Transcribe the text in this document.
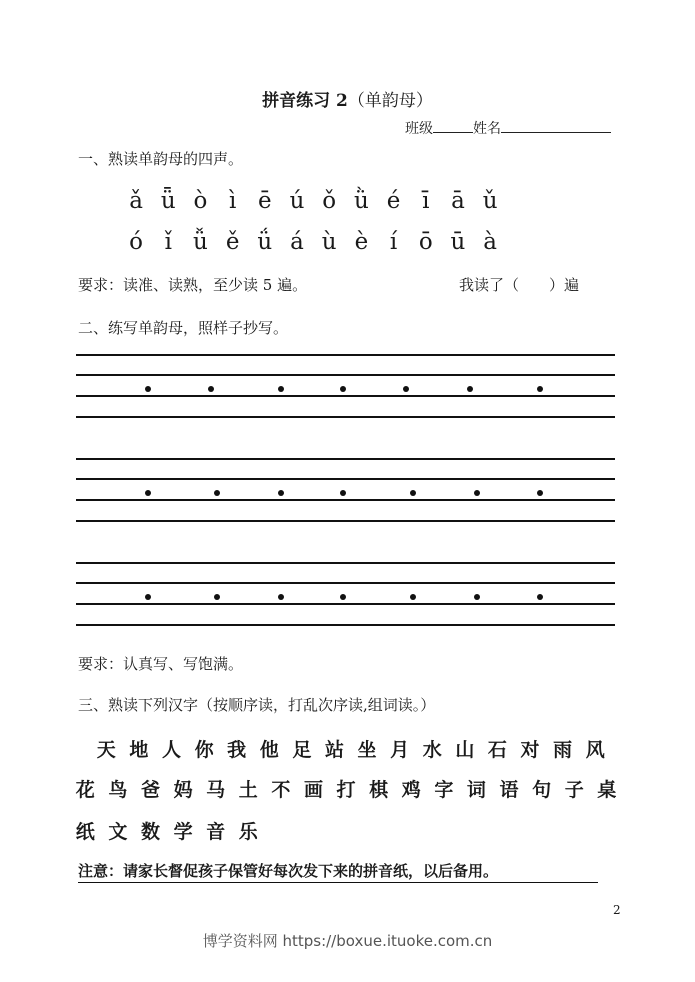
拼音练习 2（单韵母）
班级	姓名
一、熟读单韵母的四声。
ǎ ǖ ò ì ē ú ǒ ǜ é ī ā ǔ
ó ǐ ǚ ě ǘ á ù è í ō ū à
要求：读准、读熟，至少读 5 遍。	我读了（　　）遍
二、练写单韵母，照样子抄写。
要求：认真写、写饱满。
三、熟读下列汉字（按顺序读，打乱次序读,组词读。）
天 地 人 你 我 他 足 站 坐 月 水 山 石 对 雨 风
花 鸟 爸 妈 马 土 不 画 打 棋 鸡 字 词 语 句 子 桌
纸 文 数 学 音 乐
注意：请家长督促孩子保管好每次发下来的拼音纸，以后备用。
2
博学资料网 https://boxue.ituoke.com.cn
